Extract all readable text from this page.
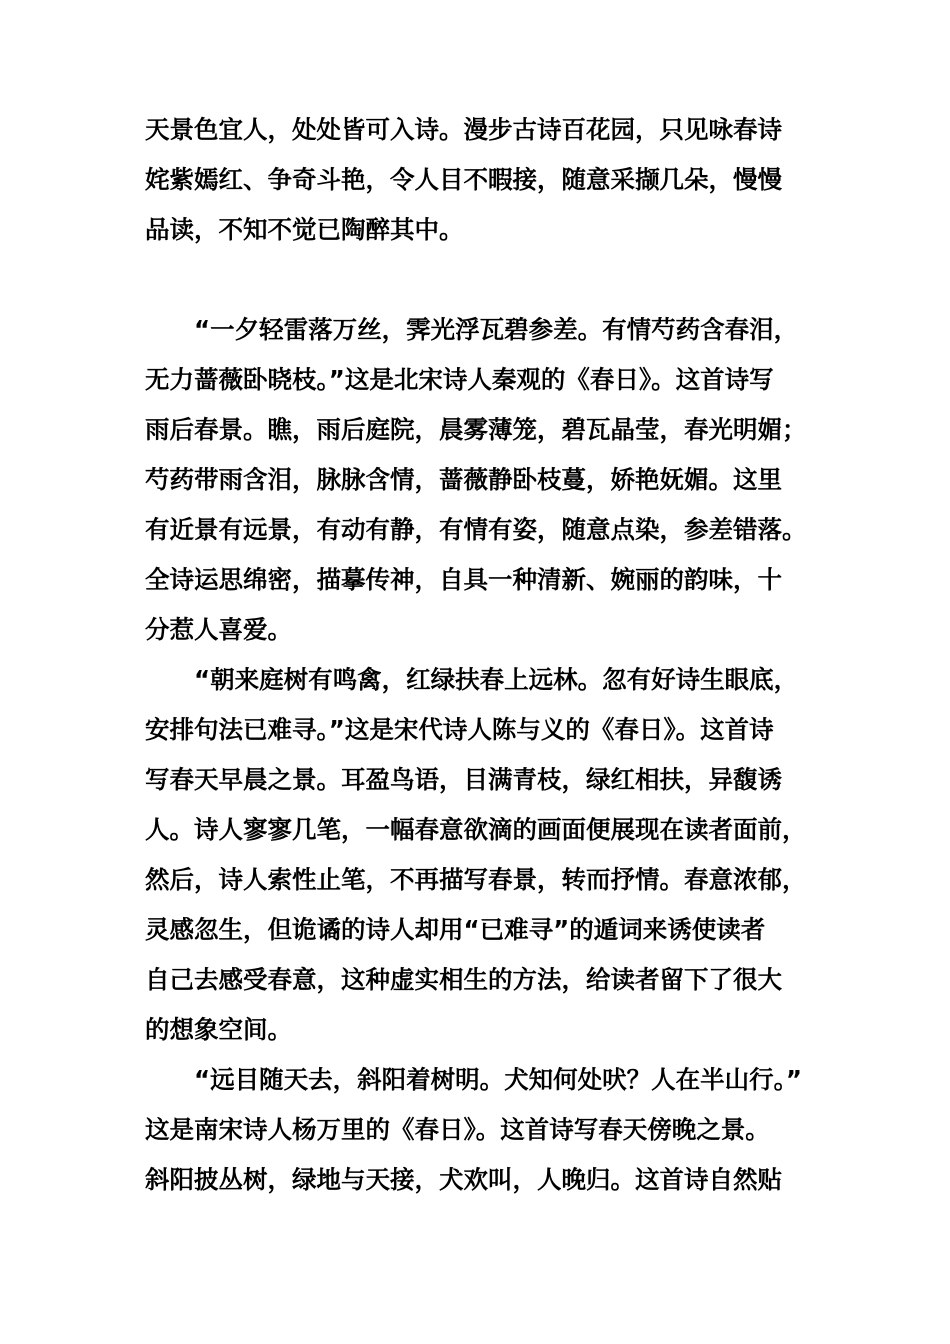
天景色宜人，处处皆可入诗。漫步古诗百花园，只见咏春诗
姹紫嫣红、争奇斗艳，令人目不暇接，随意采撷几朵，慢慢
品读，不知不觉已陶醉其中。
“一夕轻雷落万丝，霁光浮瓦碧参差。有情芍药含春泪，
无力蔷薇卧晓枝。”这是北宋诗人秦观的《春日》。这首诗写
雨后春景。瞧，雨后庭院，晨雾薄笼，碧瓦晶莹，春光明媚；
芍药带雨含泪，脉脉含情，蔷薇静卧枝蔓，娇艳妩媚。这里
有近景有远景，有动有静，有情有姿，随意点染，参差错落。
全诗运思绵密，描摹传神，自具一种清新、婉丽的韵味，十
分惹人喜爱。
“朝来庭树有鸣禽，红绿扶春上远林。忽有好诗生眼底，
安排句法已难寻。”这是宋代诗人陈与义的《春日》。这首诗
写春天早晨之景。耳盈鸟语，目满青枝，绿红相扶，异馥诱
人。诗人寥寥几笔，一幅春意欲滴的画面便展现在读者面前，
然后，诗人索性止笔，不再描写春景，转而抒情。春意浓郁，
灵感忽生，但诡谲的诗人却用“已难寻”的遁词来诱使读者
自己去感受春意，这种虚实相生的方法，给读者留下了很大
的想象空间。
“远目随天去，斜阳着树明。犬知何处吠？人在半山行。”
这是南宋诗人杨万里的《春日》。这首诗写春天傍晚之景。
斜阳披丛树，绿地与天接，犬欢叫，人晚归。这首诗自然贴
